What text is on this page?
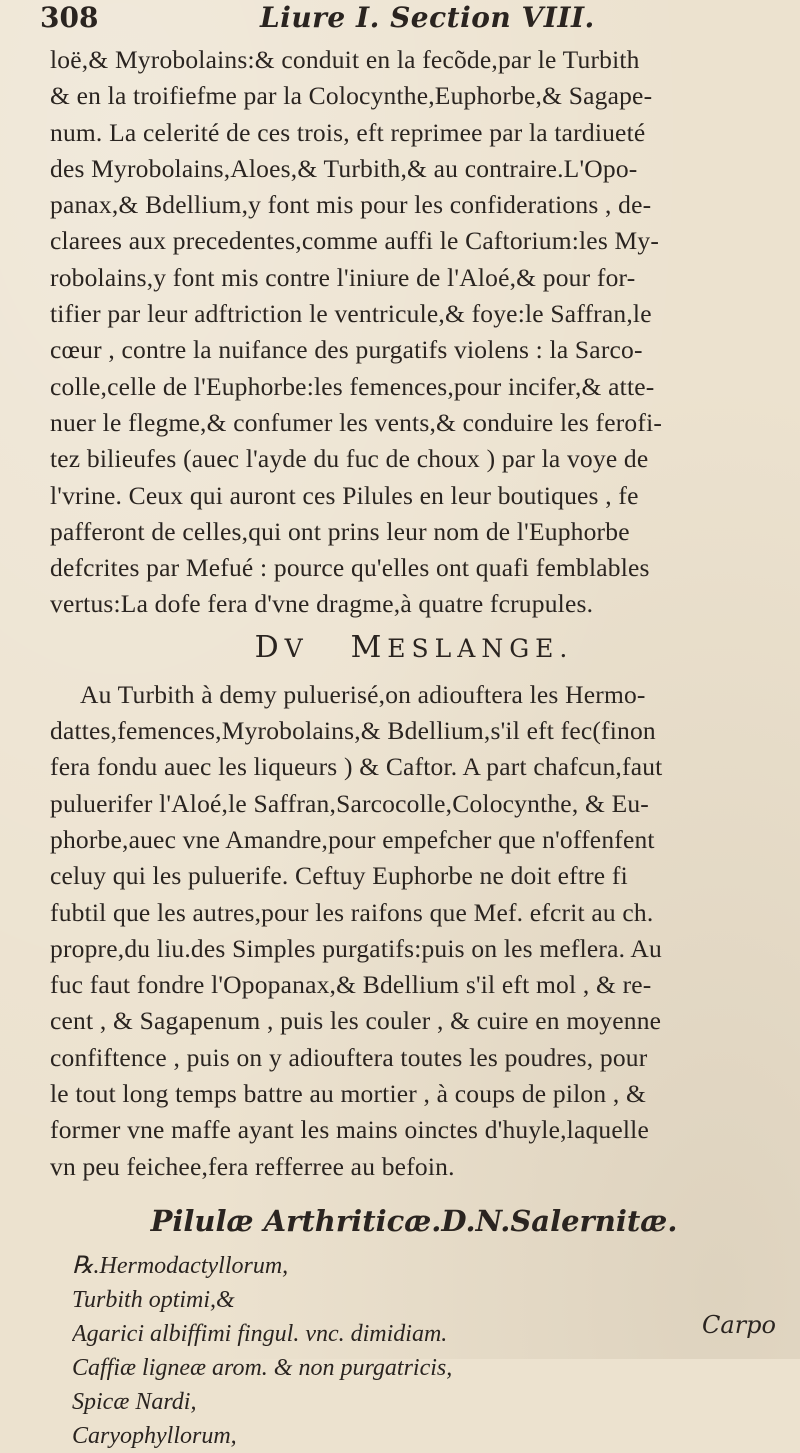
308	Liure I. Section VIII.
loë,& Myrobolains:& conduit en la fecõde,par le Turbith
& en la troifiefme par la Colocynthe,Euphorbe,& Sagape-
num. La celerité de ces trois, eft reprimee par la tardiueté
des Myrobolains,Aloes,& Turbith,& au contraire.L'Opo-
panax,& Bdellium,y font mis pour les confiderations , de-
clarees aux precedentes,comme auffi le Caftorium:les My-
robolains,y font mis contre l'iniure de l'Aloé,& pour for-
tifier par leur adftriction le ventricule,& foye:le Saffran,le
cœur , contre la nuifance des purgatifs violens : la Sarco-
colle,celle de l'Euphorbe:les femences,pour incifer,& atte-
nuer le flegme,& confumer les vents,& conduire les ferofi-
tez bilieufes (auec l'ayde du fuc de choux ) par la voye de
l'vrine. Ceux qui auront ces Pilules en leur boutiques , fe
pafferont de celles,qui ont prins leur nom de l'Euphorbe
defcrites par Mefué : pource qu'elles ont quafi femblables
vertus:La dofe fera d'vne dragme,à quatre fcrupules.
DV MESLANGE.
Au Turbith à demy puluerisé,on adiouftera les Hermo-
dattes,femences,Myrobolains,& Bdellium,s'il eft fec(finon
fera fondu auec les liqueurs ) & Caftor. A part chafcun,faut
puluerifer l'Aloé,le Saffran,Sarcocolle,Colocynthe, & Eu-
phorbe,auec vne Amandre,pour empefcher que n'offenfent
celuy qui les puluerife. Ceftuy Euphorbe ne doit eftre fi
fubtil que les autres,pour les raifons que Mef. efcrit au ch.
propre,du liu.des Simples purgatifs:puis on les meflera. Au
fuc faut fondre l'Opopanax,& Bdellium s'il eft mol , & re-
cent , & Sagapenum , puis les couler , & cuire en moyenne
confiftence , puis on y adiouftera toutes les poudres, pour
le tout long temps battre au mortier , à coups de pilon , &
former vne maffe ayant les mains oinctes d'huyle,laquelle
vn peu feichee,fera refferree au befoin.
Pilulæ Arthriticæ.D.N.Salernitæ.
℞.Hermodactyllorum,
Turbith optimi,&
Agarici albiffimi fingul. vnc. dimidiam.
Caffiæ ligneæ arom. & non purgatricis,
Spicæ Nardi,
Caryophyllorum,
Carpo
